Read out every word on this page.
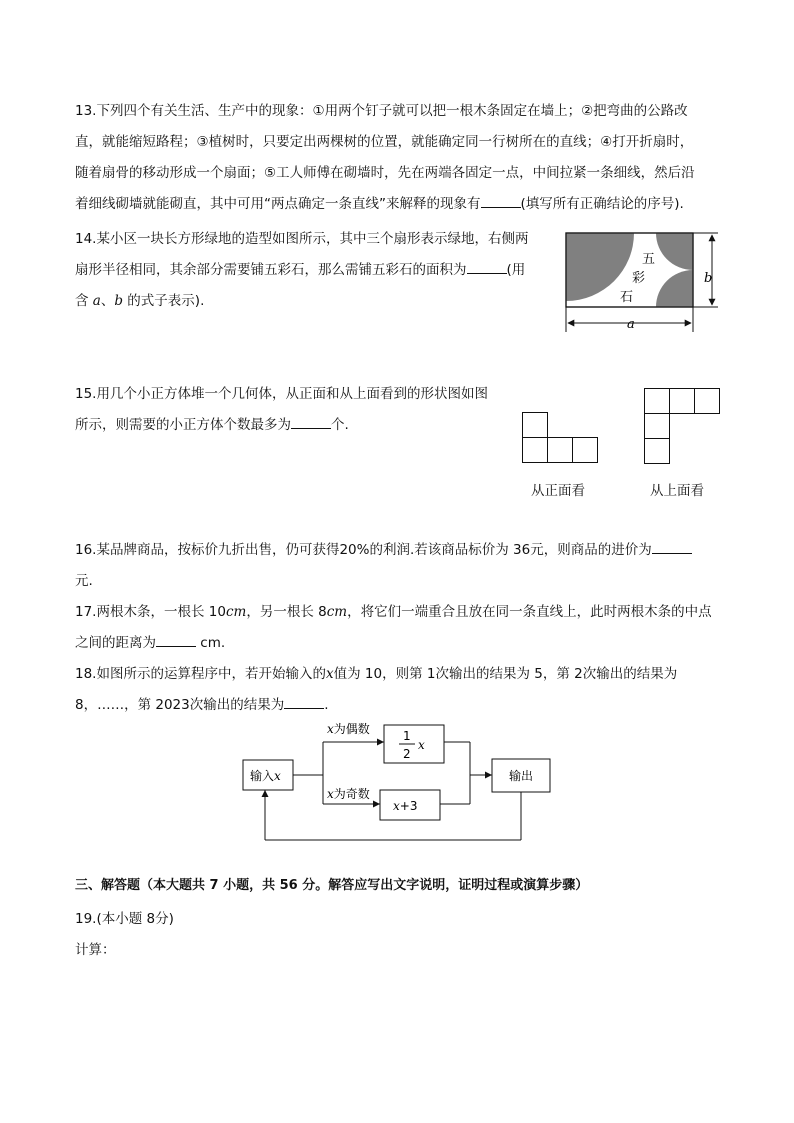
13.下列四个有关生活、生产中的现象：①用两个钉子就可以把一根木条固定在墙上；②把弯曲的公路改
直，就能缩短路程；③植树时，只要定出两棵树的位置，就能确定同一行树所在的直线；④打开折扇时，
随着扇骨的移动形成一个扇面；⑤工人师傅在砌墙时，先在两端各固定一点，中间拉紧一条细线，然后沿
着细线砌墙就能砌直，其中可用“两点确定一条直线”来解释的现象有	(填写所有正确结论的序号).
14.某小区一块长方形绿地的造型如图所示，其中三个扇形表示绿地，右侧两
扇形半径相同，其余部分需要铺五彩石，那么需铺五彩石的面积为	(用
含 a、b 的式子表示).
五
彩
石
b
a
15.用几个小正方体堆一个几何体，从正面和从上面看到的形状图如图
所示，则需要的小正方体个数最多为	个.
从正面看	从上面看
16.某品牌商品，按标价九折出售，仍可获得20%的利润.若该商品标价为 36元，则商品的进价为
元.
17.两根木条，一根长 10cm，另一根长 8cm，将它们一端重合且放在同一条直线上，此时两根木条的中点
之间的距离为	cm.
18.如图所示的运算程序中，若开始输入的x值为 10，则第 1次输出的结果为 5，第 2次输出的结果为
8，……，第 2023次输出的结果为	.
输入x
x为偶数
x为奇数
1
2
x
x+3
输出
三、解答题（本大题共 7 小题，共 56 分。解答应写出文字说明，证明过程或演算步骤）
19.(本小题 8分)
计算：
